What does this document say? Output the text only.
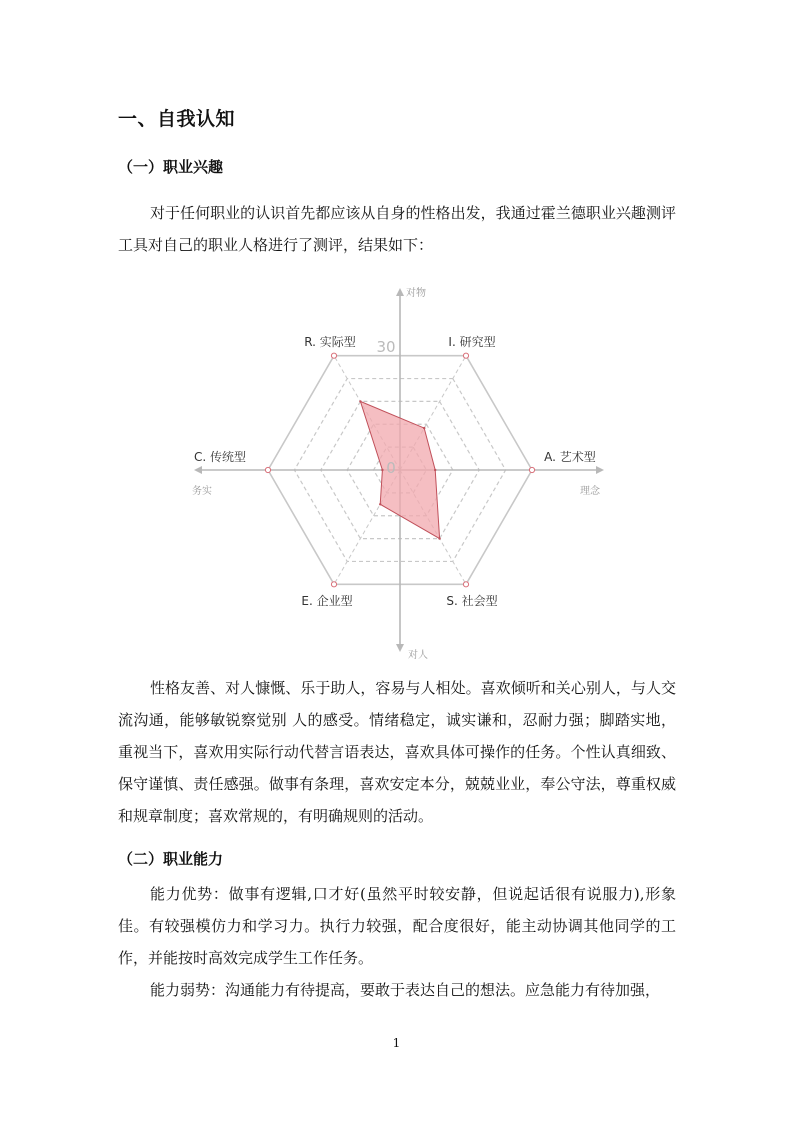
一、自我认知
（一）职业兴趣

对于任何职业的认识首先都应该从自身的性格出发，我通过霍兰德职业兴趣测评工具对自己的职业人格进行了测评，结果如下：

I. 研究型
A. 艺术型
S. 社会型
E. 企业型
C. 传统型
R. 实际型 30
0
对物
对人
理念
务实

性格友善、对人慷慨、乐于助人，容易与人相处。喜欢倾听和关心别人，与人交流沟通，能够敏锐察觉别 人的感受。情绪稳定，诚实谦和，忍耐力强；脚踏实地，重视当下，喜欢用实际行动代替言语表达，喜欢具体可操作的任务。个性认真细致、保守谨慎、责任感强。做事有条理，喜欢安定本分，兢兢业业，奉公守法，尊重权威和规章制度；喜欢常规的，有明确规则的活动。

（二）职业能力

能力优势：做事有逻辑,口才好(虽然平时较安静，但说起话很有说服力),形象佳。有较强模仿力和学习力。执行力较强，配合度很好，能主动协调其他同学的工作，并能按时高效完成学生工作任务。

能力弱势：沟通能力有待提高，要敢于表达自己的想法。应急能力有待加强，

1
